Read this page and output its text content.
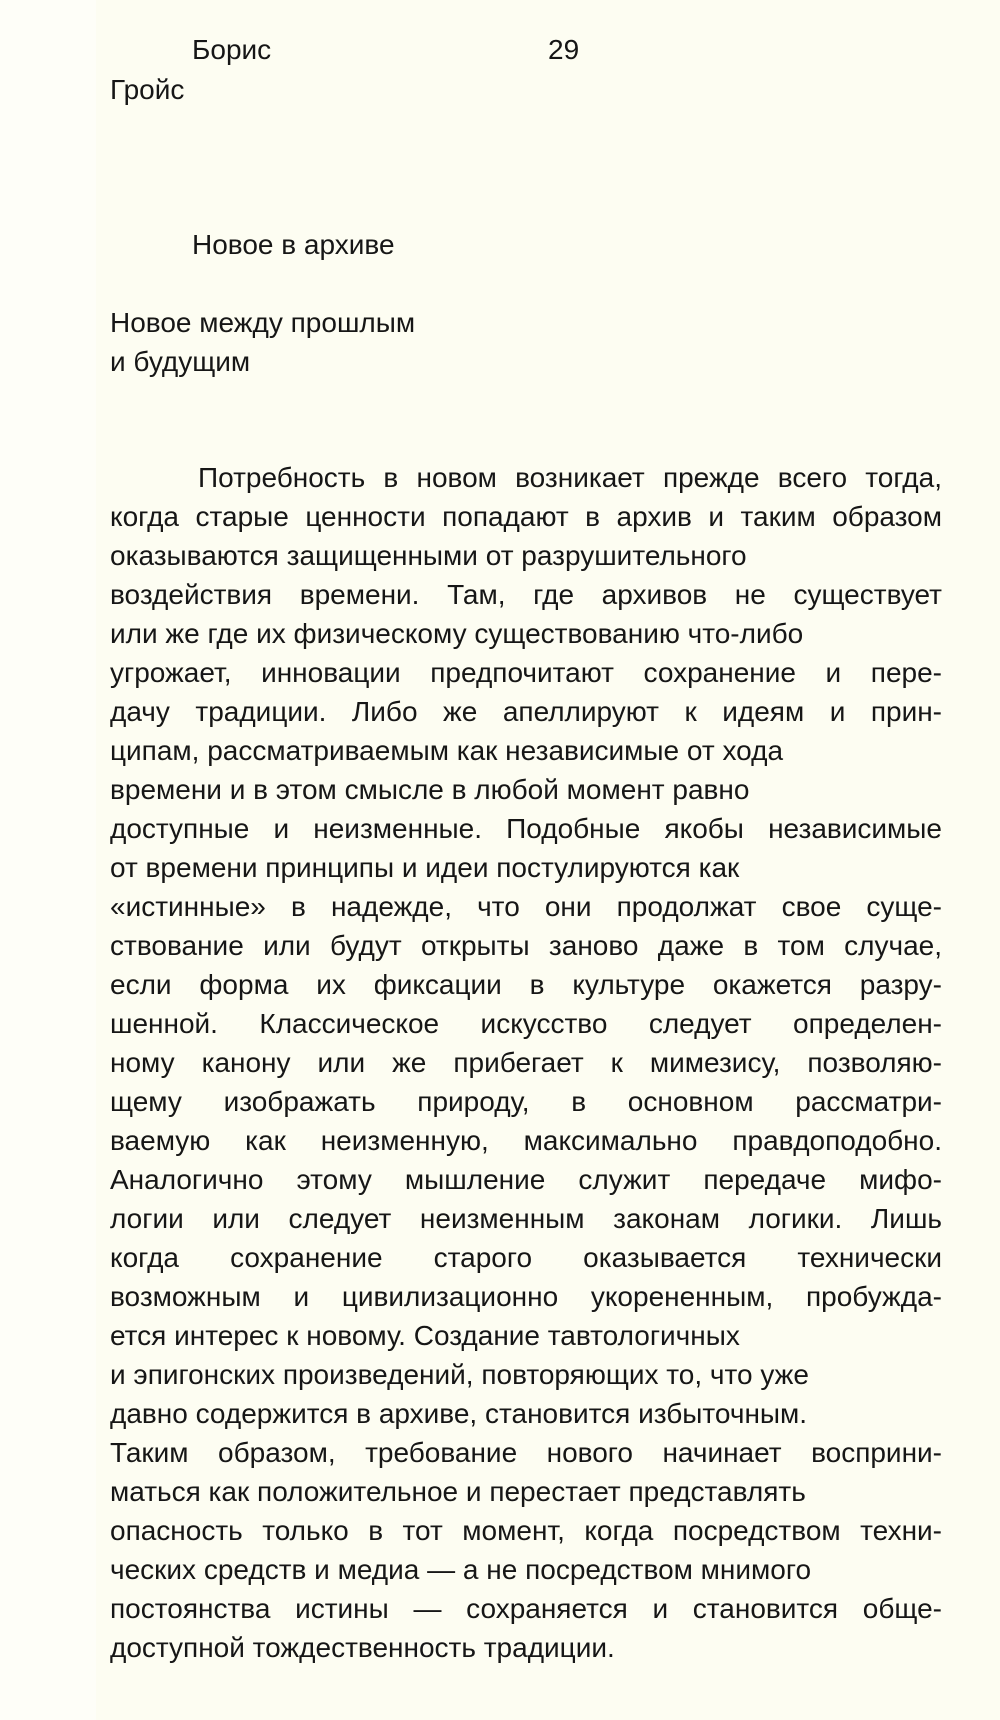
Борис	29
Гройс
Новое в архиве
Новое между прошлым
и будущим
Потребность в новом возникает прежде всего тогда,
когда старые ценности попадают в архив и таким образом
оказываются защищенными от разрушительного
воздействия времени. Там, где архивов не существует
или же где их физическому существованию что-либо
угрожает, инновации предпочитают сохранение и пере-
дачу традиции. Либо же апеллируют к идеям и прин-
ципам, рассматриваемым как независимые от хода
времени и в этом смысле в любой момент равно
доступные и неизменные. Подобные якобы независимые
от времени принципы и идеи постулируются как
«истинные» в надежде, что они продолжат свое суще-
ствование или будут открыты заново даже в том случае,
если форма их фиксации в культуре окажется разру-
шенной. Классическое искусство следует определен-
ному канону или же прибегает к мимезису, позволяю-
щему изображать природу, в основном рассматри-
ваемую как неизменную, максимально правдоподобно.
Аналогично этому мышление служит передаче мифо-
логии или следует неизменным законам логики. Лишь
когда сохранение старого оказывается технически
возможным и цивилизационно укорененным, пробужда-
ется интерес к новому. Создание тавтологичных
и эпигонских произведений, повторяющих то, что уже
давно содержится в архиве, становится избыточным.
Таким образом, требование нового начинает восприни-
маться как положительное и перестает представлять
опасность только в тот момент, когда посредством техни-
ческих средств и медиа — а не посредством мнимого
постоянства истины — сохраняется и становится обще-
доступной тождественность традиции.
